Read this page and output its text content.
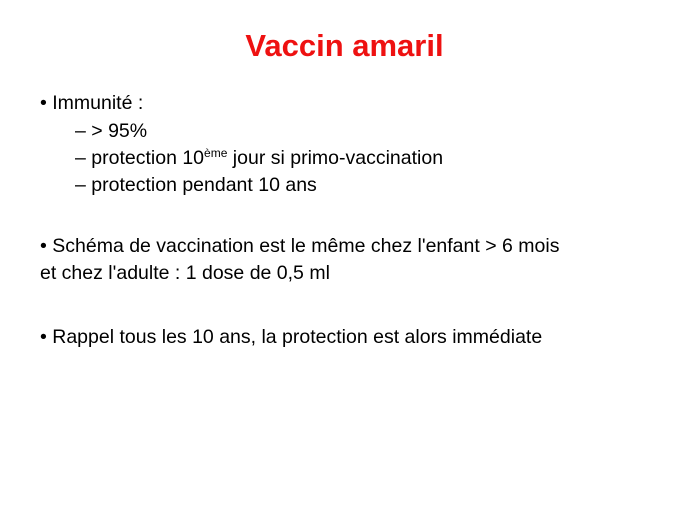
Vaccin amaril
• Immunité :
– > 95%
– protection 10ème jour si primo-vaccination
– protection pendant 10 ans
• Schéma de vaccination est le même chez l'enfant > 6 mois
et chez l'adulte : 1 dose de 0,5 ml
• Rappel tous les 10 ans, la protection est alors immédiate
